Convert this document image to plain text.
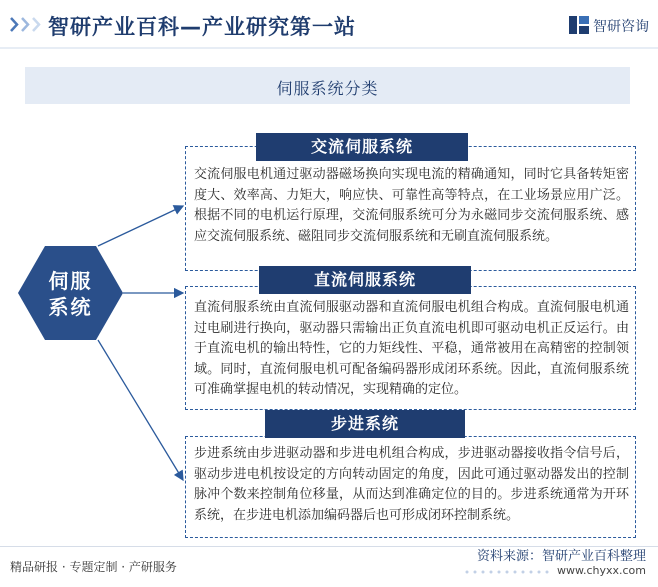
智研产业百科—产业研究第一站	智研咨询
伺服系统分类
伺服
系统
交流伺服电机通过驱动器磁场换向实现电流的精确通知，同时它具备转矩密度大、效率高、力矩大，响应快、可靠性高等特点，在工业场景应用广泛。根据不同的电机运行原理，交流伺服系统可分为永磁同步交流伺服系统、感应交流伺服系统、磁阻同步交流伺服系统和无刷直流伺服系统。
交流伺服系统
直流伺服系统由直流伺服驱动器和直流伺服电机组合构成。直流伺服电机通过电刷进行换向，驱动器只需输出正负直流电机即可驱动电机正反运行。由于直流电机的输出特性，它的力矩线性、平稳，通常被用在高精密的控制领域。同时，直流伺服电机可配备编码器形成闭环系统。因此，直流伺服系统可准确掌握电机的转动情况，实现精确的定位。
直流伺服系统
步进系统由步进驱动器和步进电机组合构成，步进驱动器接收指令信号后，驱动步进电机按设定的方向转动固定的角度，因此可通过驱动器发出的控制脉冲个数来控制角位移量，从而达到准确定位的目的。步进系统通常为开环系统，在步进电机添加编码器后也可形成闭环控制系统。
步进系统
精品研报 · 专题定制 · 产研服务
资料来源：智研产业百科整理
www.chyxx.com
